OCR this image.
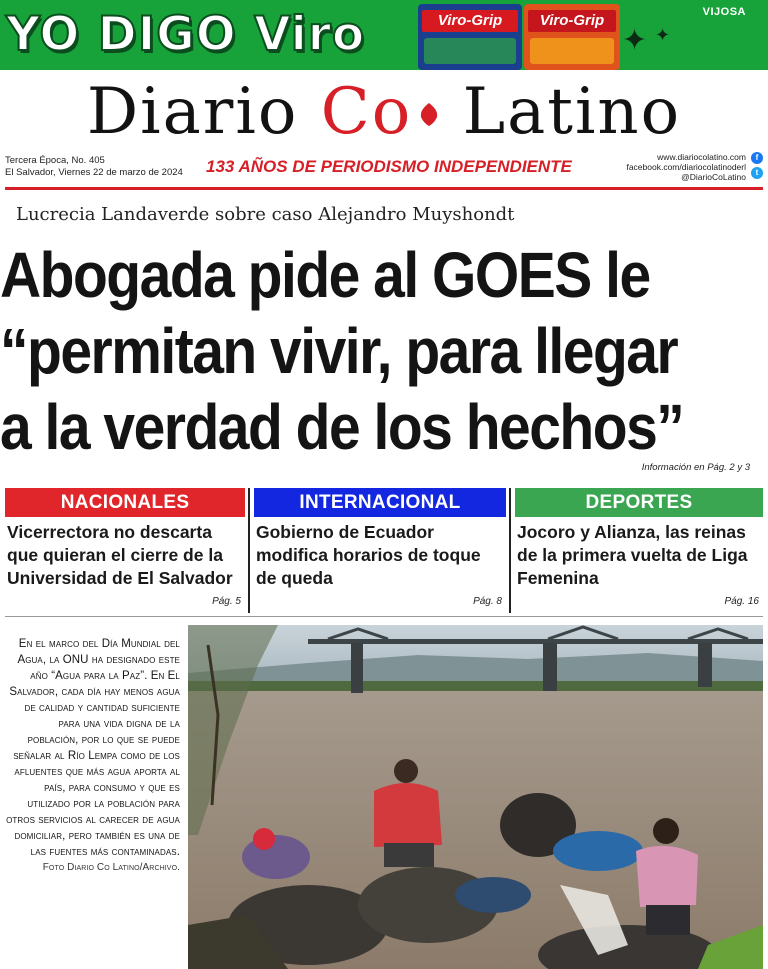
YO DIGO Viro	Viro-Grip	Viro-Grip
✦ ✦
VIJOSA
Diario Co Latino
Tercera Época, No. 405
El Salvador, Viernes 22 de marzo de 2024 133 AÑOS DE PERIODISMO INDEPENDIENTE	www.diariocolatino.com
facebook.com/diariocolatinoderl
@DiarioCoLatino
f
t
Lucrecia Landaverde sobre caso Alejandro Muyshondt
Abogada pide al GOES le
“permitan vivir, para llegar
a la verdad de los hechos”
Información en Pág. 2 y 3
NACIONALES
Vicerrectora no descarta que quieran el cierre de la Universidad de El Salvador
Pág. 5
INTERNACIONAL
Gobierno de Ecuador modifica horarios de toque de queda
Pág. 8
DEPORTES
Jocoro y Alianza, las reinas de la primera vuelta de Liga Femenina
Pág. 16
En el marco del Día Mundial del Agua, la ONU ha designado este año “Agua para la Paz”. En El Salvador, cada día hay menos agua de calidad y cantidad suficiente para una vida digna de la población, por lo que se puede señalar al Río Lempa como de los afluentes que más agua aporta al país, para consumo y que es utilizado por la población para otros servicios al carecer de agua domiciliar, pero también es una de las fuentes más contaminadas.
Foto Diario Co Latino/Archivo.
